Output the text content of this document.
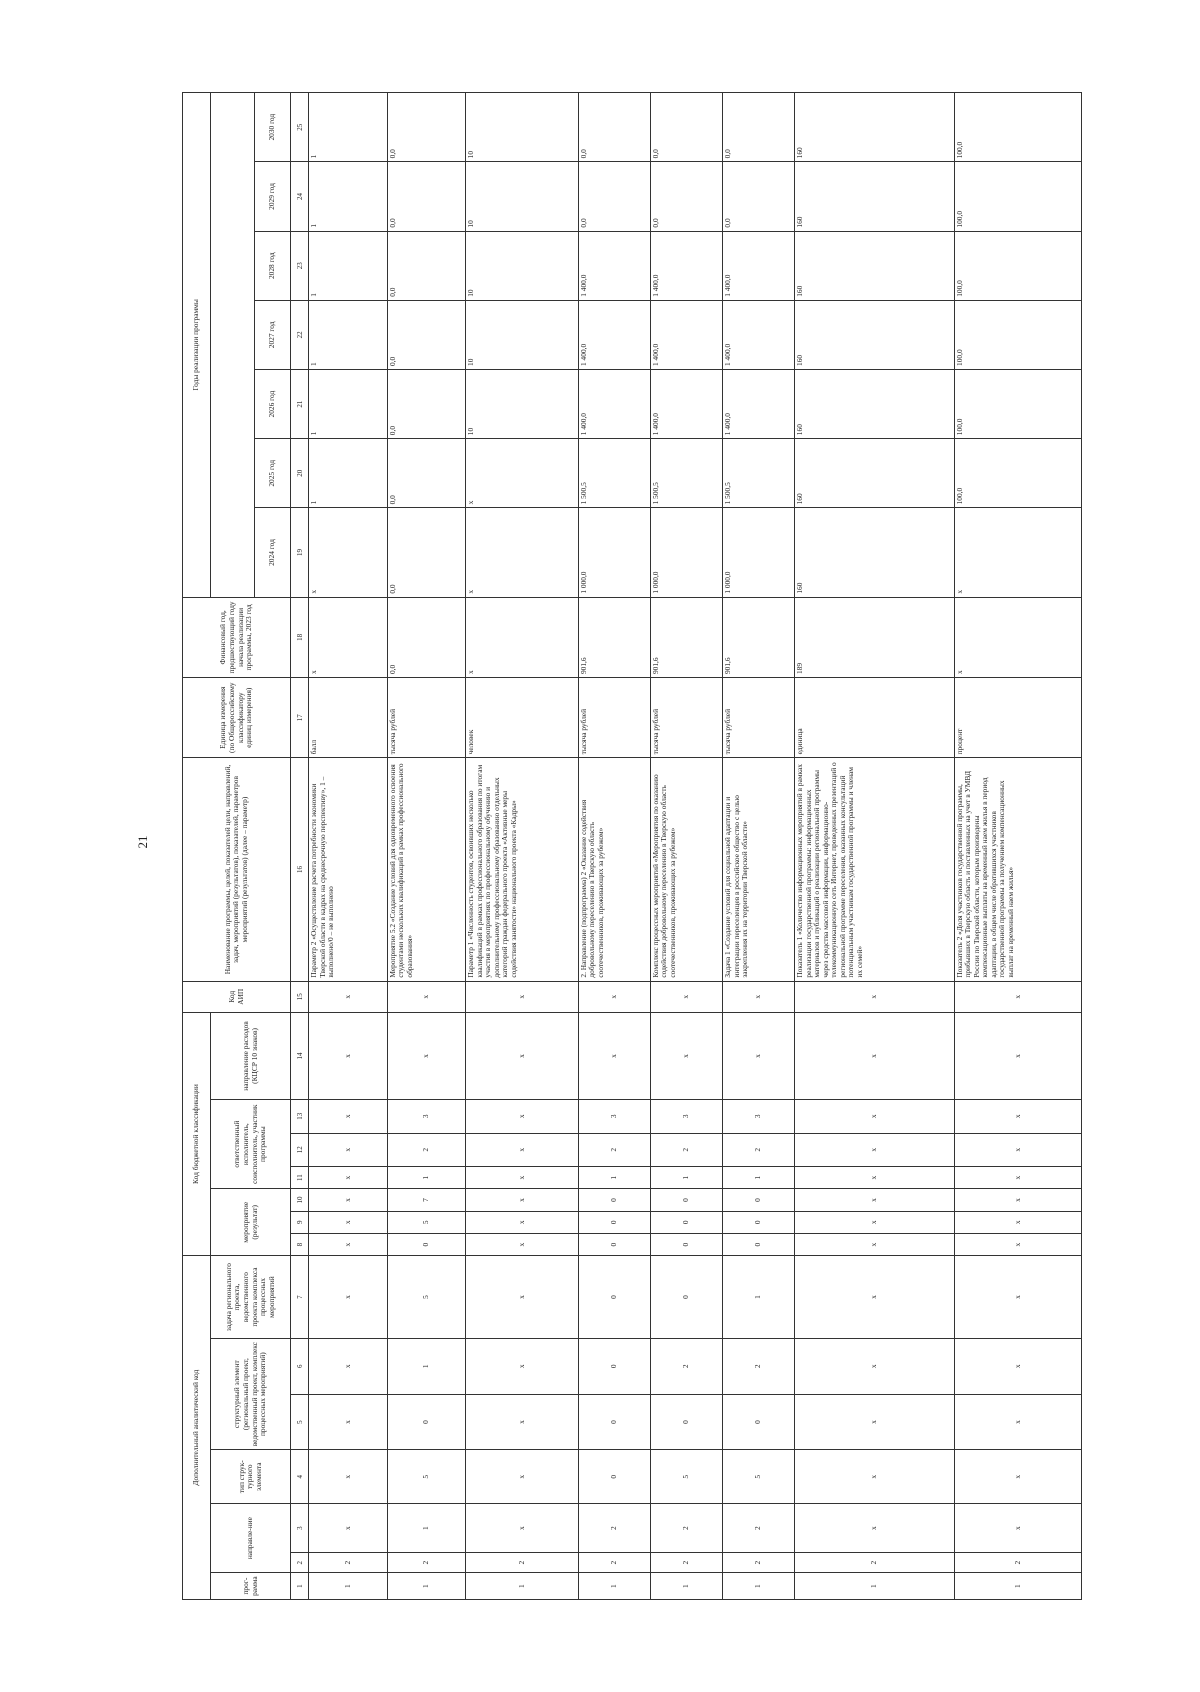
21
Дополнительный аналитический код							Код бюджетной классификации							Код АИП	Наименование программы, целей, показателей цели, направлений, задач, мероприятий (результатов), показателей, параметров мероприятий (результатов) (далее – параметр)	Единица измерения (по Общероссийскому классификатору единиц измерения)	Финансовый год, предшествующий году начала реализации программы, 2023 год	Годы реализации программы						
прог-рамма	направле-ние		тип струк-турного элемента	структурный элемент (региональный проект, ведомственный проект, комплекс процессных мероприятий)		задача регионального проекта, ведомственного проекта комплекса процессных мероприятий	мероприятие (результат)			ответственный исполнитель, соисполнитель, участник программы			направление расходов (КЦСР 10 знаков)											
																		2024 год	2025 год	2026 год	2027 год	2028 год	2029 год	2030 год
1	2	3	4	5	6	7	8	9	10	11	12	13	14	15	16	17	18	19	20	21	22	23	24	25
1	2	x	x	x	x	x	x	x	x	x	x	x	x	x	Параметр 2 «Осуществление расчета потребности экономики Тверской области в кадрах на среднесрочную перспективу», 1 – выполнено/0 – не выполнено	балл	x	x	1	1	1	1	1	1
1	2	1	5	0	1	5	0	5	7	1	2	3	x	x	Мероприятие 5.2 «Создание условий для одновременного освоения студентами нескольких квалификаций в рамках профессионального образования»	тысяча рублей	0,0	0,0	0,0	0,0	0,0	0,0	0,0	0,0
1	2	x	x	x	x	x	x	x	x	x	x	x	x	x	Параметр 1 «Численность студентов, освоивших несколько квалификаций в рамках профессионального образования по итогам участия в мероприятиях по профессиональному обучению и дополнительному профессиональному образованию отдельных категорий граждан федерального проекта «Активные меры содействия занятости» национального проекта «Кадры»	человек	x	x	x	10	10	10	10	10
1	2	2	0	0	0	0	0	0	0	1	2	3	x	x	2. Направление (подпрограмма) 2 «Оказание содействия добровольному переселению в Тверскую область соотечественников, проживающих за рубежом»	тысяча рублей	901,6	1 000,0	1 500,5	1 400,0	1 400,0	1 400,0	0,0	0,0
1	2	2	5	0	2	0	0	0	0	1	2	3	x	x	Комплекс процессных мероприятий «Мероприятия по оказанию содействия добровольному переселению в Тверскую область соотечественников, проживающих за рубежом»	тысяча рублей	901,6	1 000,0	1 500,5	1 400,0	1 400,0	1 400,0	0,0	0,0
1	2	2	5	0	2	1	0	0	0	1	2	3	x	x	Задача 1 «Создание условий для социальной адаптации и интеграции переселенцев в российское общество с целью закрепления их на территории Тверской области»	тысяча рублей	901,6	1 000,0	1 500,5	1 400,0	1 400,0	1 400,0	0,0	0,0
1	2	x	x	x	x	x	x	x	x	x	x	x	x	x	Показатель 1 «Количество информационных мероприятий в рамках реализации государственной программы: информационных материалов и публикаций о реализации региональной программы через средства массовой информации, информационно-телекоммуникационную сеть Интернет, проведенных презентаций о региональной программе переселения, оказанных консультаций потенциальным участникам государственной программы и членам их семей»	единица	189	160	160	160	160	160	160	160
1	2	x	x	x	x	x	x	x	x	x	x	x	x	x	Показатель 2 «Доля участников государственной программы, прибывших в Тверскую область и поставленных на учет в УМВД России по Тверской области, которым произведены компенсационные выплаты на временный наем жилья в период адаптации, в общем числе обратившихся участников государственной программы за получением компенсационных выплат на временный наем жилья»	процент	x	x	100,0	100,0	100,0	100,0	100,0	100,0
